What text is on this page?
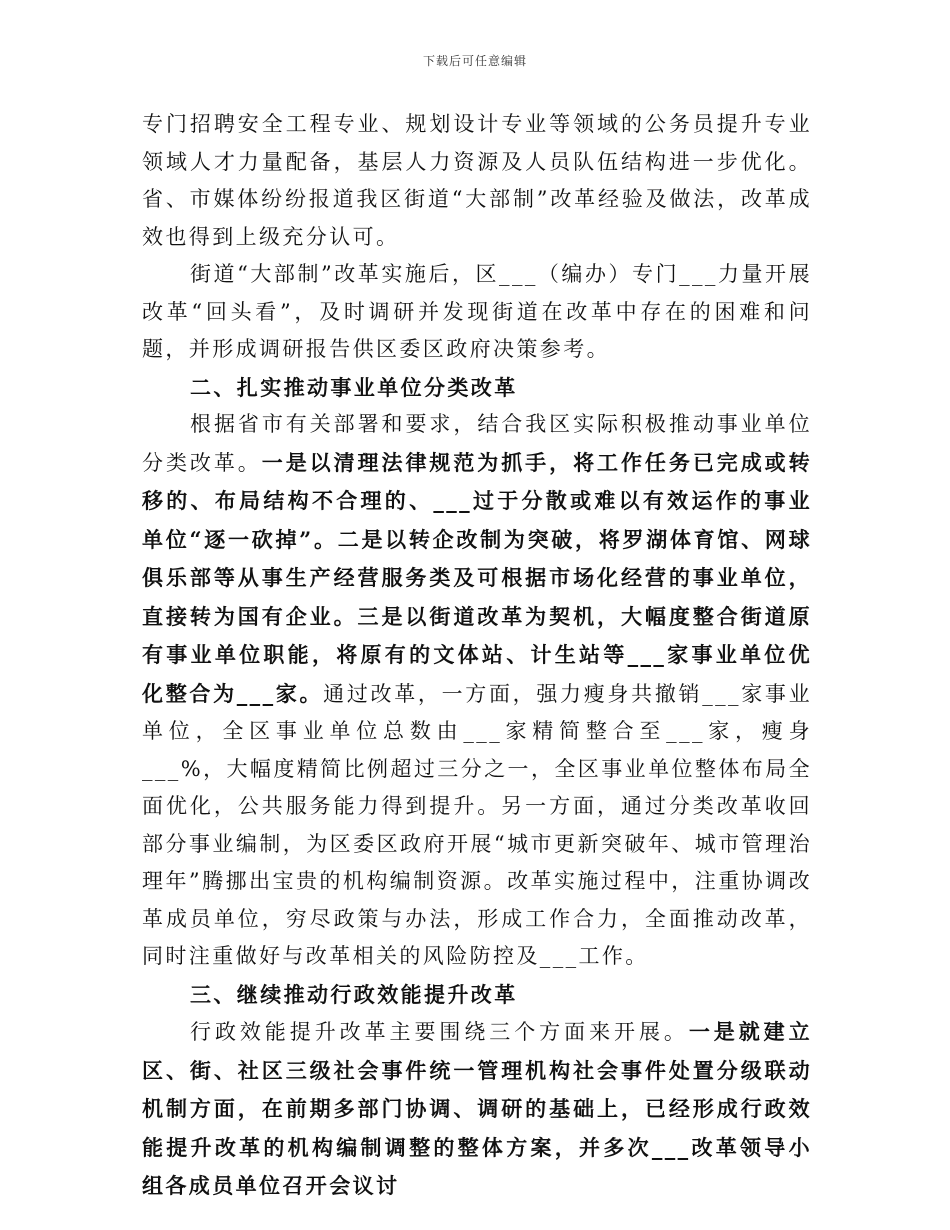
下载后可任意编辑

专门招聘安全工程专业、规划设计专业等领域的公务员提升专业领域人才力量配备，基层人力资源及人员队伍结构进一步优化。省、市媒体纷纷报道我区街道“大部制”改革经验及做法，改革成效也得到上级充分认可。

街道“大部制”改革实施后，区___（编办）专门___力量开展改革“回头看”，及时调研并发现街道在改革中存在的困难和问题，并形成调研报告供区委区政府决策参考。

二、扎实推动事业单位分类改革

根据省市有关部署和要求，结合我区实际积极推动事业单位分类改革。一是以清理法律规范为抓手，将工作任务已完成或转移的、布局结构不合理的、___过于分散或难以有效运作的事业单位“逐一砍掉”。二是以转企改制为突破，将罗湖体育馆、网球俱乐部等从事生产经营服务类及可根据市场化经营的事业单位，直接转为国有企业。三是以街道改革为契机，大幅度整合街道原有事业单位职能，将原有的文体站、计生站等___家事业单位优化整合为___家。通过改革，一方面，强力瘦身共撤销___家事业单位，全区事业单位总数由___家精简整合至___家，瘦身___%，大幅度精简比例超过三分之一，全区事业单位整体布局全面优化，公共服务能力得到提升。另一方面，通过分类改革收回部分事业编制，为区委区政府开展“城市更新突破年、城市管理治理年”腾挪出宝贵的机构编制资源。改革实施过程中，注重协调改革成员单位，穷尽政策与办法，形成工作合力，全面推动改革，同时注重做好与改革相关的风险防控及___工作。

三、继续推动行政效能提升改革

行政效能提升改革主要围绕三个方面来开展。一是就建立区、街、社区三级社会事件统一管理机构社会事件处置分级联动机制方面，在前期多部门协调、调研的基础上，已经形成行政效能提升改革的机构编制调整的整体方案，并多次___改革领导小组各成员单位召开会议讨
